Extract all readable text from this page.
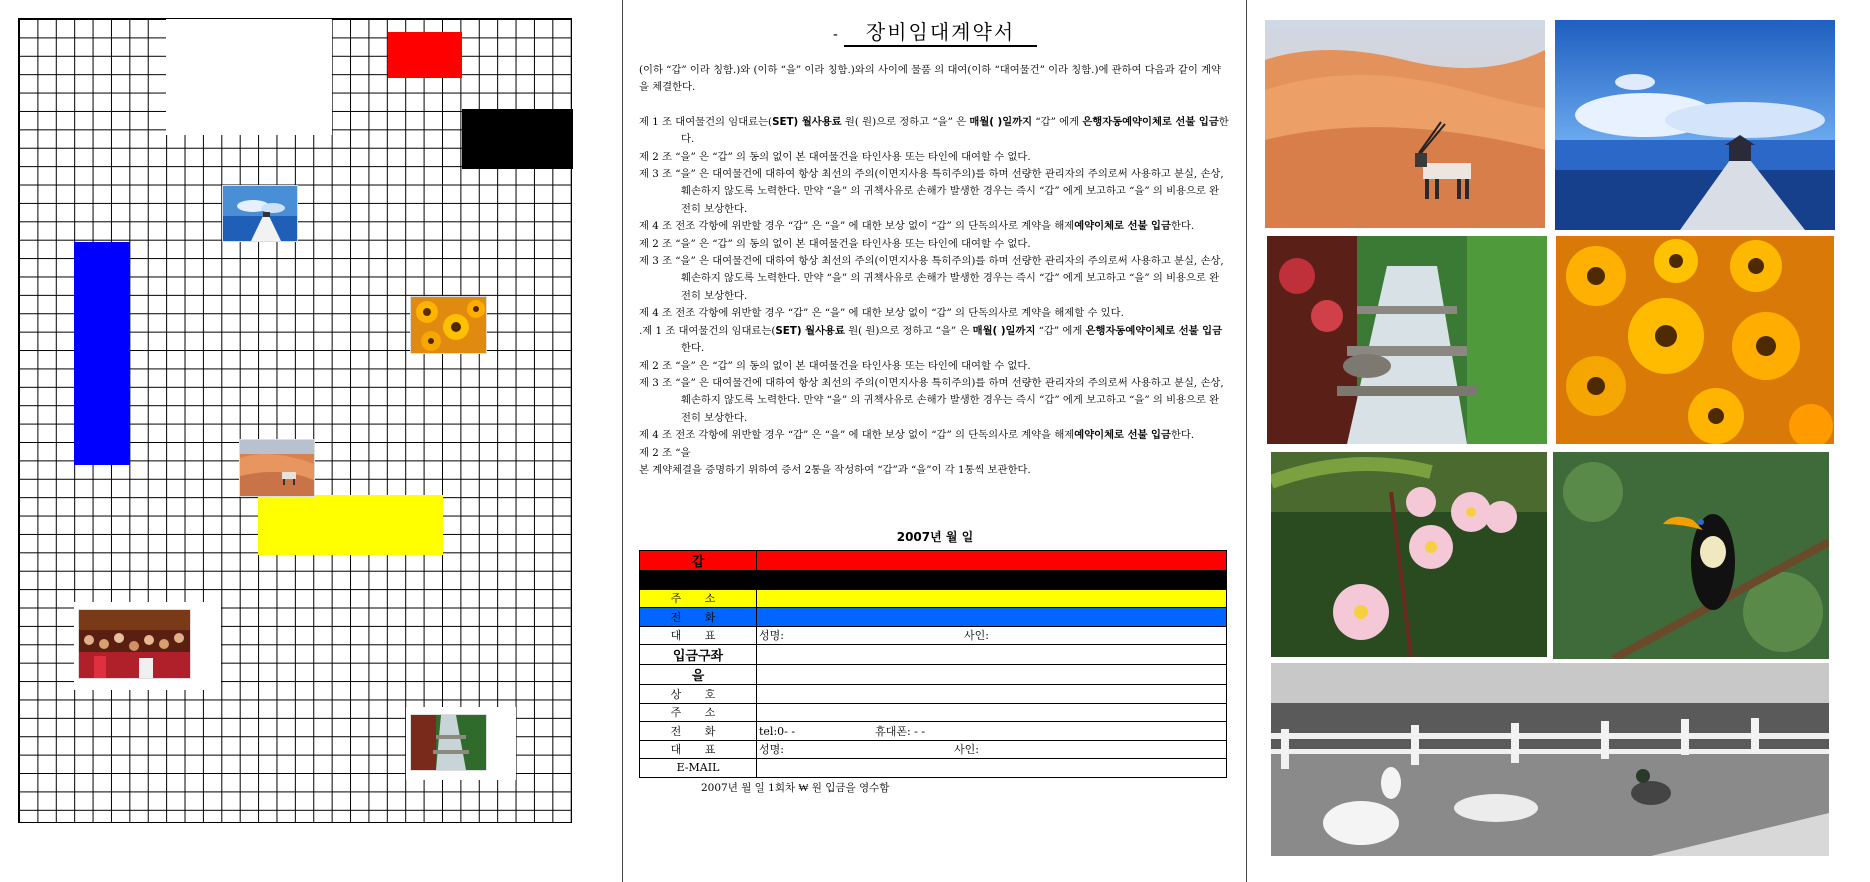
- 장비임대계약서

(이하 “갑” 이라 칭함.)와 (이하 “을” 이라 칭함.)와의 사이에 물품 의 대여(이하 “대여물건” 이라 칭함.)에 관하여 다음과 같이 계약을 체결한다.

제 1 조 대여물건의 임대료는(SET) 월사용료 원( 원)으로 정하고 “을” 은 매월( )일까지 “갑” 에게 은행자동예약이체로 선불 입금한다.

제 2 조 “을” 은 “갑” 의 동의 없이 본 대여물건을 타인사용 또는 타인에 대여할 수 없다.

제 3 조 “을” 은 대여물건에 대하여 항상 최선의 주의(이면지사용 특히주의)를 하며 선량한 관리자의 주의로써 사용하고 분실, 손상, 훼손하지 않도록 노력한다. 만약 “을” 의 귀책사유로 손해가 발생한 경우는 즉시 “갑” 에게 보고하고 “을” 의 비용으로 완전히 보상한다.

제 4 조 전조 각항에 위반할 경우 “갑” 은 “을” 에 대한 보상 없이 “갑” 의 단독의사로 계약을 해제예약이체로 선불 입금한다.

제 2 조 “을” 은 “갑” 의 동의 없이 본 대여물건을 타인사용 또는 타인에 대여할 수 없다.

제 3 조 “을” 은 대여물건에 대하여 항상 최선의 주의(이면지사용 특히주의)를 하며 선량한 관리자의 주의로써 사용하고 분실, 손상, 훼손하지 않도록 노력한다. 만약 “을” 의 귀책사유로 손해가 발생한 경우는 즉시 “갑” 에게 보고하고 “을” 의 비용으로 완전히 보상한다.

제 4 조 전조 각항에 위반할 경우 “갑” 은 “을” 에 대한 보상 없이 “갑” 의 단독의사로 계약을 해제할 수 있다.

.제 1 조 대여물건의 임대료는(SET) 월사용료 원( 원)으로 정하고 “을” 은 매월( )일까지 “갑” 에게 은행자동예약이체로 선불 입금한다.

제 2 조 “을” 은 “갑” 의 동의 없이 본 대여물건을 타인사용 또는 타인에 대여할 수 없다.

제 3 조 “을” 은 대여물건에 대하여 항상 최선의 주의(이면지사용 특히주의)를 하며 선량한 관리자의 주의로써 사용하고 분실, 손상, 훼손하지 않도록 노력한다. 만약 “을” 의 귀책사유로 손해가 발생한 경우는 즉시 “갑” 에게 보고하고 “을” 의 비용으로 완전히 보상한다.

제 4 조 전조 각항에 위반할 경우 “갑” 은 “을” 에 대한 보상 없이 “갑” 의 단독의사로 계약을 해제예약이체로 선불 입금한다.

제 2 조 “을

본 계약체결을 증명하기 위하여 증서 2통을 작성하여 “갑”과 “을”이 각 1통씩 보관한다.

2007년 월 일
갑	

주 소	
전 화	
대 표	성명: 사인:
입금구좌	
을	
상 호	
주 소	
전 화	tel:0- - 휴대폰: - -
대 표	성명: 사인:
E-MAIL	
2007년 월 일 1회차 ₩ 원 입금을 영수함
